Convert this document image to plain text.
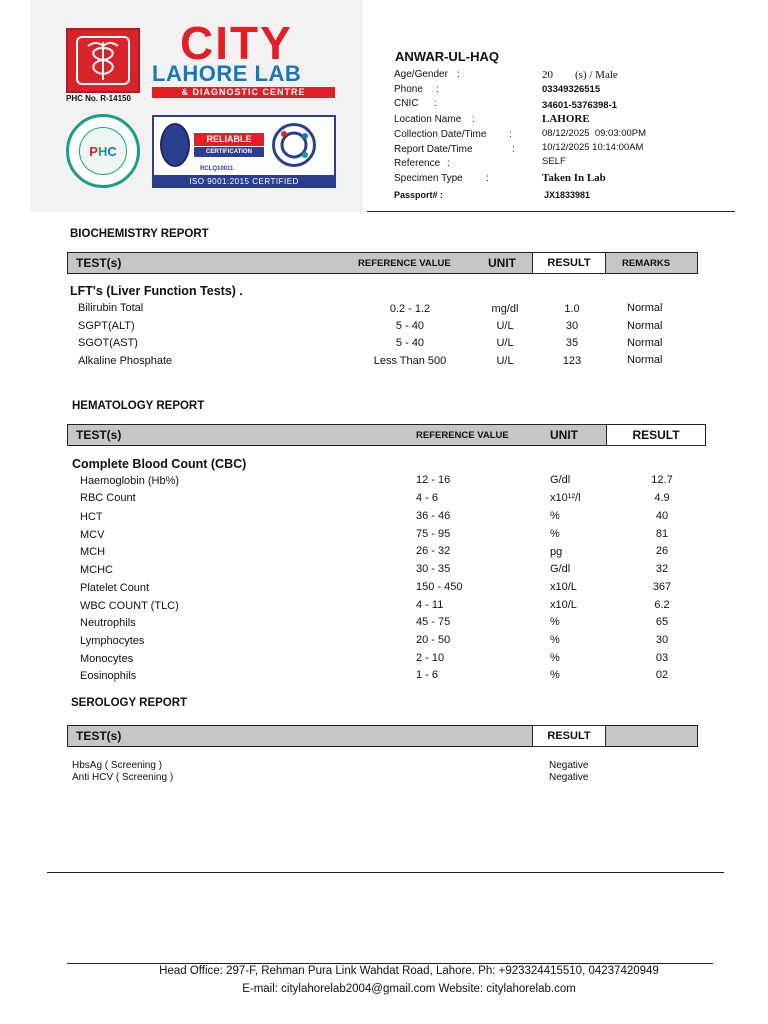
PHC No. R-14150
CITY
LAHORE LAB
& DIAGNOSTIC CENTRE
PHC
RELIABLE
CERTIFICATION
RCLQ10011
ISO 9001:2015 CERTIFIED
ANWAR-UL-HAQ
Age/Gender :	20        (s) / Male
Phone :	03349326515
CNIC :	34601-5376398-1
Location Name :	LAHORE
Collection Date/Time :	08/12/2025  09:03:00PM
Report Date/Time	:	10/12/2025 10:14:00AM
Reference :	SELF
Specimen Type :	Taken In Lab
Passport# :	JX1833981
BIOCHEMISTRY REPORT
TEST(s)	REFERENCE VALUE	UNIT	RESULT	REMARKS
LFT's (Liver Function Tests) .
Bilirubin Total	0.2 - 1.2	mg/dl	1.0	Normal
SGPT(ALT)	5 - 40	U/L	30	Normal
SGOT(AST)	5 - 40	U/L	35	Normal
Alkaline Phosphate	Less Than 500	U/L	123	Normal
HEMATOLOGY REPORT
TEST(s)	REFERENCE VALUE	UNIT	RESULT
Complete Blood Count (CBC)
Haemoglobin (Hb%)	12 - 16	G/dl	12.7
RBC Count	4 - 6	x10¹²/l	4.9
HCT	36 - 46	%	40
MCV	75 - 95	%	81
MCH	26 - 32	pg	26
MCHC	30 - 35	G/dl	32
Platelet Count	150 - 450	x10/L	367
WBC COUNT (TLC)	4 - 11	x10/L	6.2
Neutrophils	45 - 75	%	65
Lymphocytes	20 - 50	%	30
Monocytes	2 - 10	%	03
Eosinophils	1 - 6	%	02
SEROLOGY REPORT
TEST(s)	RESULT
HbsAg ( Screening )	Negative
Anti HCV ( Screening )	Negative
Head Office: 297-F, Rehman Pura Link Wahdat Road, Lahore. Ph: +923324415510, 04237420949
E-mail: citylahorelab2004@gmail.com Website: citylahorelab.com
